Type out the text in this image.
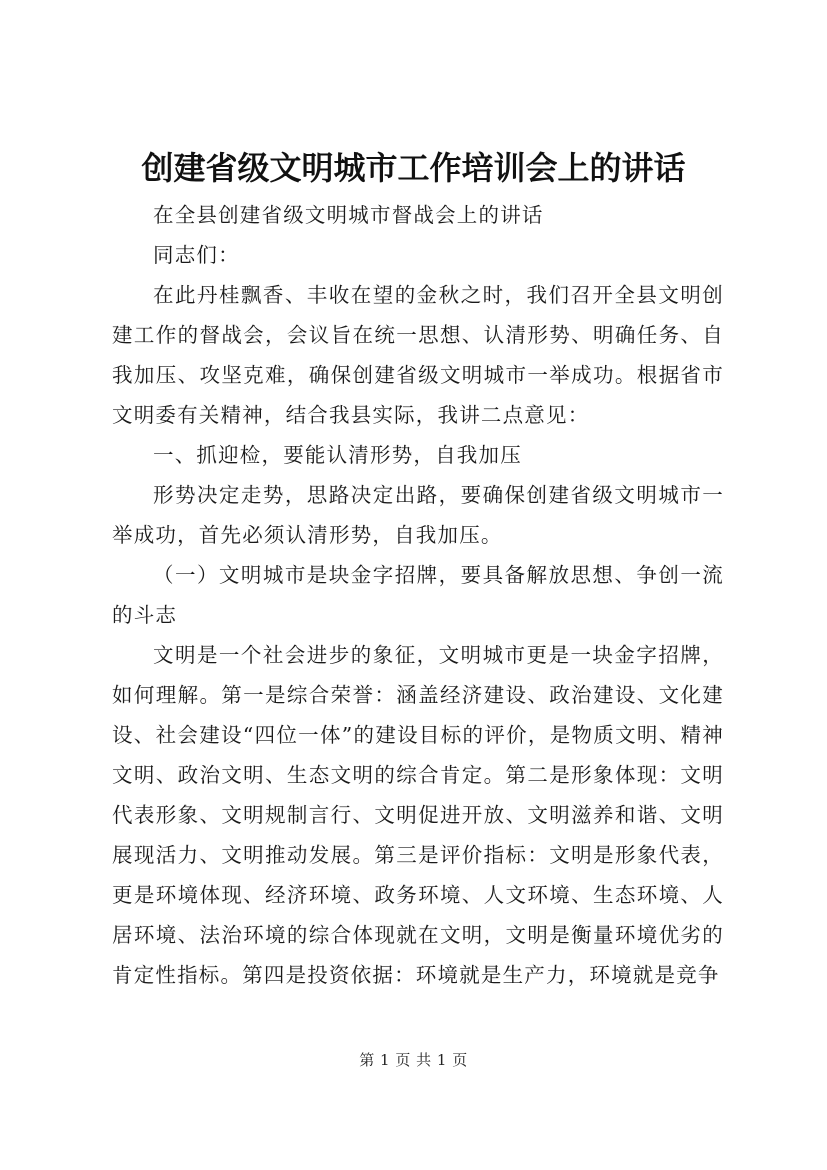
创建省级文明城市工作培训会上的讲话

在全县创建省级文明城市督战会上的讲话

同志们：

在此丹桂飘香、丰收在望的金秋之时，我们召开全县文明创建工作的督战会，会议旨在统一思想、认清形势、明确任务、自我加压、攻坚克难，确保创建省级文明城市一举成功。根据省市文明委有关精神，结合我县实际，我讲二点意见：

一、抓迎检，要能认清形势，自我加压

形势决定走势，思路决定出路，要确保创建省级文明城市一举成功，首先必须认清形势，自我加压。

（一）文明城市是块金字招牌，要具备解放思想、争创一流的斗志

文明是一个社会进步的象征，文明城市更是一块金字招牌，如何理解。第一是综合荣誉：涵盖经济建设、政治建设、文化建设、社会建设“四位一体”的建设目标的评价，是物质文明、精神文明、政治文明、生态文明的综合肯定。第二是形象体现：文明代表形象、文明规制言行、文明促进开放、文明滋养和谐、文明展现活力、文明推动发展。第三是评价指标：文明是形象代表，更是环境体现、经济环境、政务环境、人文环境、生态环境、人居环境、法治环境的综合体现就在文明，文明是衡量环境优劣的肯定性指标。第四是投资依据：环境就是生产力，环境就是竞争

第 1 页 共 1 页
